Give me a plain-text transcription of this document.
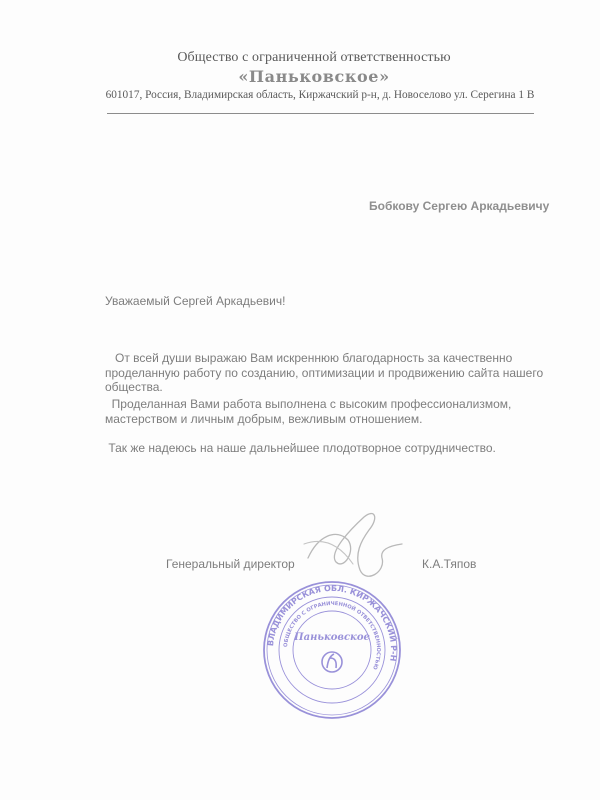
Общество с ограниченной ответственностью
«Паньковское»
601017, Россия, Владимирская область, Киржачский р-н, д. Новоселово ул. Серегина 1 В
Бобкову Сергею Аркадьевичу
Уважаемый Сергей Аркадьевич!
От всей души выражаю Вам искреннюю благодарность за качественно
проделанную работу по созданию, оптимизации и продвижению сайта нашего
общества.
Проделанная Вами работа выполнена с высоким профессионализмом,
мастерством и личным добрым, вежливым отношением.
Так же надеюсь на наше дальнейшее плодотворное сотрудничество.
Генеральный директор
ВЛАДИМИРСКАЯ ОБЛ. КИРЖАЧСКИЙ Р-Н
ОБЩЕСТВО С ОГРАНИЧЕННОЙ ОТВЕТСТВЕННОСТЬЮ
Паньковское
К.А.Тяпов
